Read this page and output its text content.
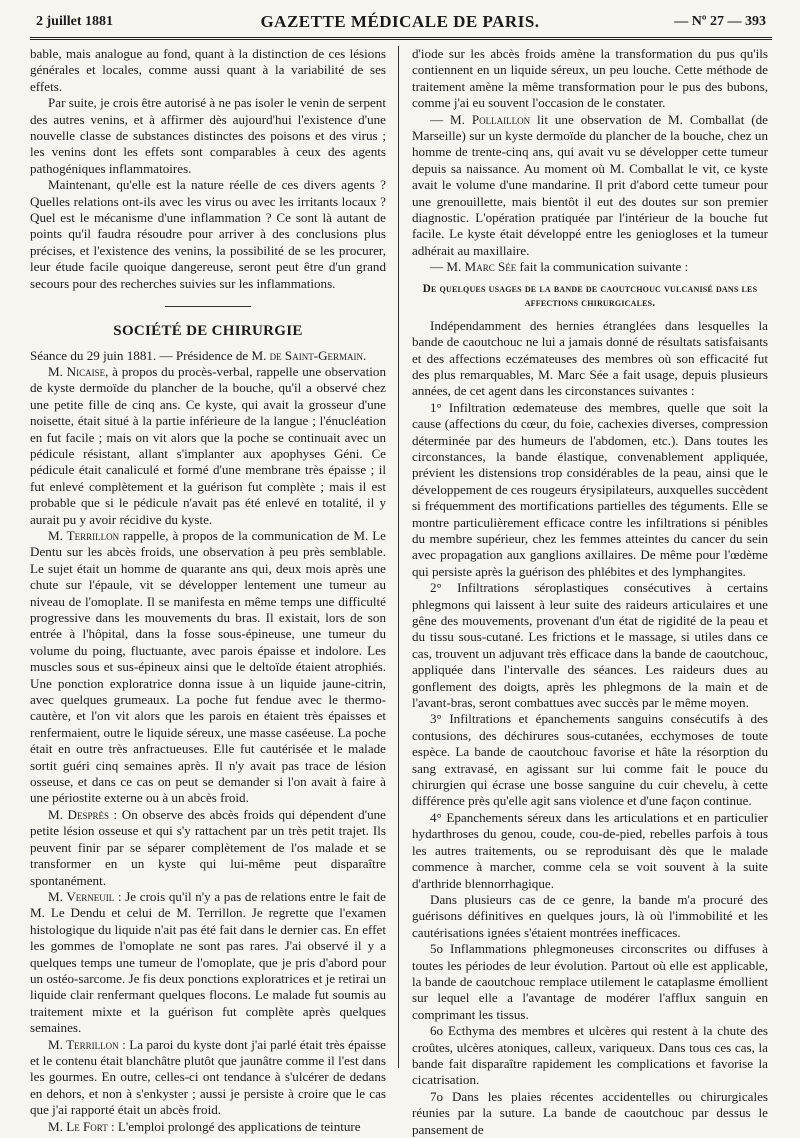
2 juillet 1881	GAZETTE MÉDICALE DE PARIS.	— Nº 27 — 393

bable, mais analogue au fond, quant à la distinction de ces lésions générales et locales, comme aussi quant à la variabilité de ses effets.

Par suite, je crois être autorisé à ne pas isoler le venin de serpent des autres venins, et à affirmer dès aujourd'hui l'existence d'une nouvelle classe de substances distinctes des poisons et des virus ; les venins dont les effets sont comparables à ceux des agents pathogéniques inflammatoires.

Maintenant, qu'elle est la nature réelle de ces divers agents ? Quelles relations ont-ils avec les virus ou avec les irritants locaux ? Quel est le mécanisme d'une inflammation ? Ce sont là autant de points qu'il faudra résoudre pour arriver à des conclusions plus précises, et l'existence des venins, la possibilité de se les procurer, leur étude facile quoique dangereuse, seront peut être d'un grand secours pour des recherches suivies sur les inflammations.

SOCIÉTÉ DE CHIRURGIE

Séance du 29 juin 1881. — Présidence de M. de Saint-Germain.

M. Nicaise, à propos du procès-verbal, rappelle une observation de kyste dermoïde du plancher de la bouche, qu'il a observé chez une petite fille de cinq ans. Ce kyste, qui avait la grosseur d'une noisette, était situé à la partie inférieure de la langue ; l'énucléation en fut facile ; mais on vit alors que la poche se continuait avec un pédicule résistant, allant s'implanter aux apophyses Géni. Ce pédicule était canaliculé et formé d'une membrane très épaisse ; il fut enlevé complètement et la guérison fut complète ; mais il est probable que si le pédicule n'avait pas été enlevé en totalité, il y aurait pu y avoir récidive du kyste.

M. Terrillon rappelle, à propos de la communication de M. Le Dentu sur les abcès froids, une observation à peu près semblable. Le sujet était un homme de quarante ans qui, deux mois après une chute sur l'épaule, vit se développer lentement une tumeur au niveau de l'omoplate. Il se manifesta en même temps une difficulté progressive dans les mouvements du bras. Il existait, lors de son entrée à l'hôpital, dans la fosse sous-épineuse, une tumeur du volume du poing, fluctuante, avec parois épaisse et indolore. Les muscles sous et sus-épineux ainsi que le deltoïde étaient atrophiés. Une ponction exploratrice donna issue à un liquide jaune-citrin, avec quelques grumeaux. La poche fut fendue avec le thermo-cautère, et l'on vit alors que les parois en étaient très épaisses et renfermaient, outre le liquide séreux, une masse caséeuse. La poche était en outre très anfractueuses. Elle fut cautérisée et le malade sortit guéri cinq semaines après. Il n'y avait pas trace de lésion osseuse, et dans ce cas on peut se demander si l'on avait à faire à une périostite externe ou à un abcès froid.

M. Desprès : On observe des abcès froids qui dépendent d'une petite lésion osseuse et qui s'y rattachent par un très petit trajet. Ils peuvent finir par se séparer complètement de l'os malade et se transformer en un kyste qui lui-même peut disparaître spontanément.

M. Verneuil : Je crois qu'il n'y a pas de relations entre le fait de M. Le Dendu et celui de M. Terrillon. Je regrette que l'examen histologique du liquide n'ait pas été fait dans le dernier cas. En effet les gommes de l'omoplate ne sont pas rares. J'ai observé il y a quelques temps une tumeur de l'omoplate, que je pris d'abord pour un ostéo-sarcome. Je fis deux ponctions exploratrices et je retirai un liquide clair renfermant quelques flocons. Le malade fut soumis au traitement mixte et la guérison fut complète après quelques semaines.

M. Terrillon : La paroi du kyste dont j'ai parlé était très épaisse et le contenu était blanchâtre plutôt que jaunâtre comme il l'est dans les gourmes. En outre, celles-ci ont tendance à s'ulcérer de dedans en dehors, et non à s'enkyster ; aussi je persiste à croire que le cas que j'ai rapporté était un abcès froid.

M. Le Fort : L'emploi prolongé des applications de teinture

d'iode sur les abcès froids amène la transformation du pus qu'ils contiennent en un liquide séreux, un peu louche. Cette méthode de traitement amène la même transformation pour le pus des bubons, comme j'ai eu souvent l'occasion de le constater.

— M. Pollaillon lit une observation de M. Comballat (de Marseille) sur un kyste dermoïde du plancher de la bouche, chez un homme de trente-cinq ans, qui avait vu se développer cette tumeur depuis sa naissance. Au moment où M. Comballat le vit, ce kyste avait le volume d'une mandarine. Il prit d'abord cette tumeur pour une grenouillette, mais bientôt il eut des doutes sur son premier diagnostic. L'opération pratiquée par l'intérieur de la bouche fut facile. Le kyste était développé entre les geniogloses et la tumeur adhérait au maxillaire.

— M. Marc Sée fait la communication suivante :

De quelques usages de la bande de caoutchouc vulcanisé dans les affections chirurgicales.

Indépendamment des hernies étranglées dans lesquelles la bande de caoutchouc ne lui a jamais donné de résultats satisfaisants et des affections eczémateuses des membres où son efficacité fut des plus remarquables, M. Marc Sée a fait usage, depuis plusieurs années, de cet agent dans les circonstances suivantes :

1° Infiltration œdemateuse des membres, quelle que soit la cause (affections du cœur, du foie, cachexies diverses, compression déterminée par des humeurs de l'abdomen, etc.). Dans toutes les circonstances, la bande élastique, convenablement appliquée, prévient les distensions trop considérables de la peau, ainsi que le développement de ces rougeurs érysipilateurs, auxquelles succèdent si fréquemment des mortifications partielles des téguments. Elle se montre particulièrement efficace contre les infiltrations si pénibles du membre supérieur, chez les femmes atteintes du cancer du sein avec propagation aux ganglions axillaires. De même pour l'œdème qui persiste après la guérison des phlébites et des lymphangites.

2° Infiltrations séroplastiques consécutives à certains phlegmons qui laissent à leur suite des raideurs articulaires et une gêne des mouvements, provenant d'un état de rigidité de la peau et du tissu sous-cutané. Les frictions et le massage, si utiles dans ce cas, trouvent un adjuvant très efficace dans la bande de caoutchouc, appliquée dans l'intervalle des séances. Les raideurs dues au gonflement des doigts, après les phlegmons de la main et de l'avant-bras, seront combattues avec succès par le même moyen.

3° Infiltrations et épanchements sanguins consécutifs à des contusions, des déchirures sous-cutanées, ecchymoses de toute espèce. La bande de caoutchouc favorise et hâte la résorption du sang extravasé, en agissant sur lui comme fait le pouce du chirurgien qui écrase une bosse sanguine du cuir chevelu, à cette différence près qu'elle agit sans violence et d'une façon continue.

4° Epanchements séreux dans les articulations et en particulier hydarthroses du genou, coude, cou-de-pied, rebelles parfois à tous les autres traitements, ou se reproduisant dès que le malade commence à marcher, comme cela se voit souvent à la suite d'arthride blennorrhagique.

Dans plusieurs cas de ce genre, la bande m'a procuré des guérisons définitives en quelques jours, là où l'immobilité et les cautérisations ignées s'étaient montrées inefficaces.

5o Inflammations phlegmoneuses circonscrites ou diffuses à toutes les périodes de leur évolution. Partout où elle est applicable, la bande de caoutchouc remplace utilement le cataplasme émollient sur lequel elle a l'avantage de modérer l'afflux sanguin en comprimant les tissus.

6o Ecthyma des membres et ulcères qui restent à la chute des croûtes, ulcères atoniques, calleux, variqueux. Dans tous ces cas, la bande fait disparaître rapidement les complications et favorise la cicatrisation.

7o Dans les plaies récentes accidentelles ou chirurgicales réunies par la suture. La bande de caoutchouc par dessus le pansement de
